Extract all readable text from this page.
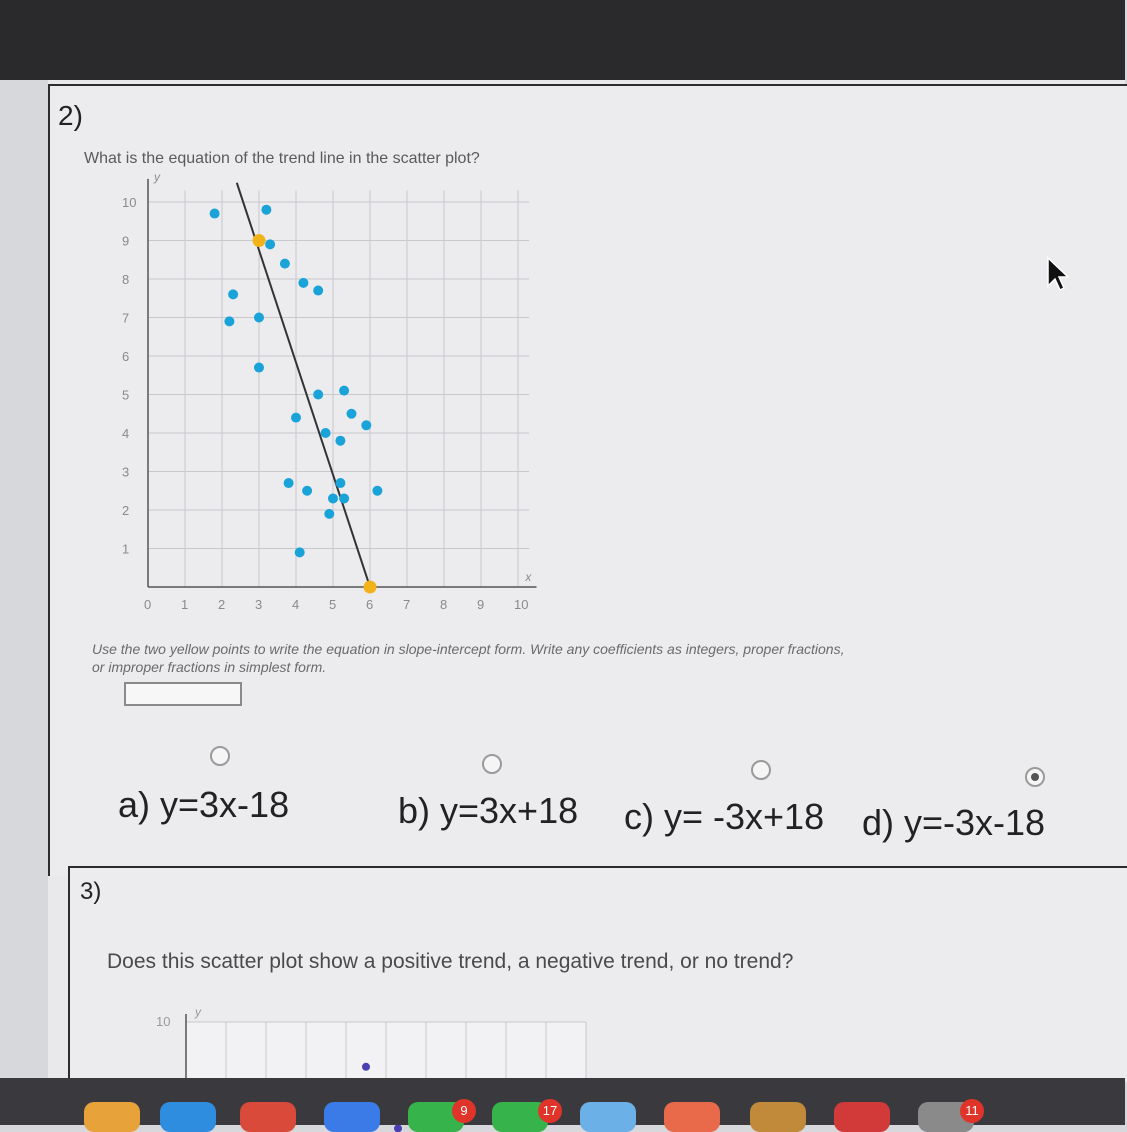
2)
What is the equation of the trend line in the scatter plot?
0 1 2 3 4 5 6 7 8 9 10
1
2
3
4
5
6
7
8
9
10
x
y
Use the two yellow points to write the equation in slope-intercept form. Write any coefficients as integers, proper fractions, or improper fractions in simplest form.
a) y=3x-18	b) y=3x+18 c) y= -3x+18 d) y=-3x-18
3)
Does this scatter plot show a positive trend, a negative trend, or no trend?
10
y
9	17	11
